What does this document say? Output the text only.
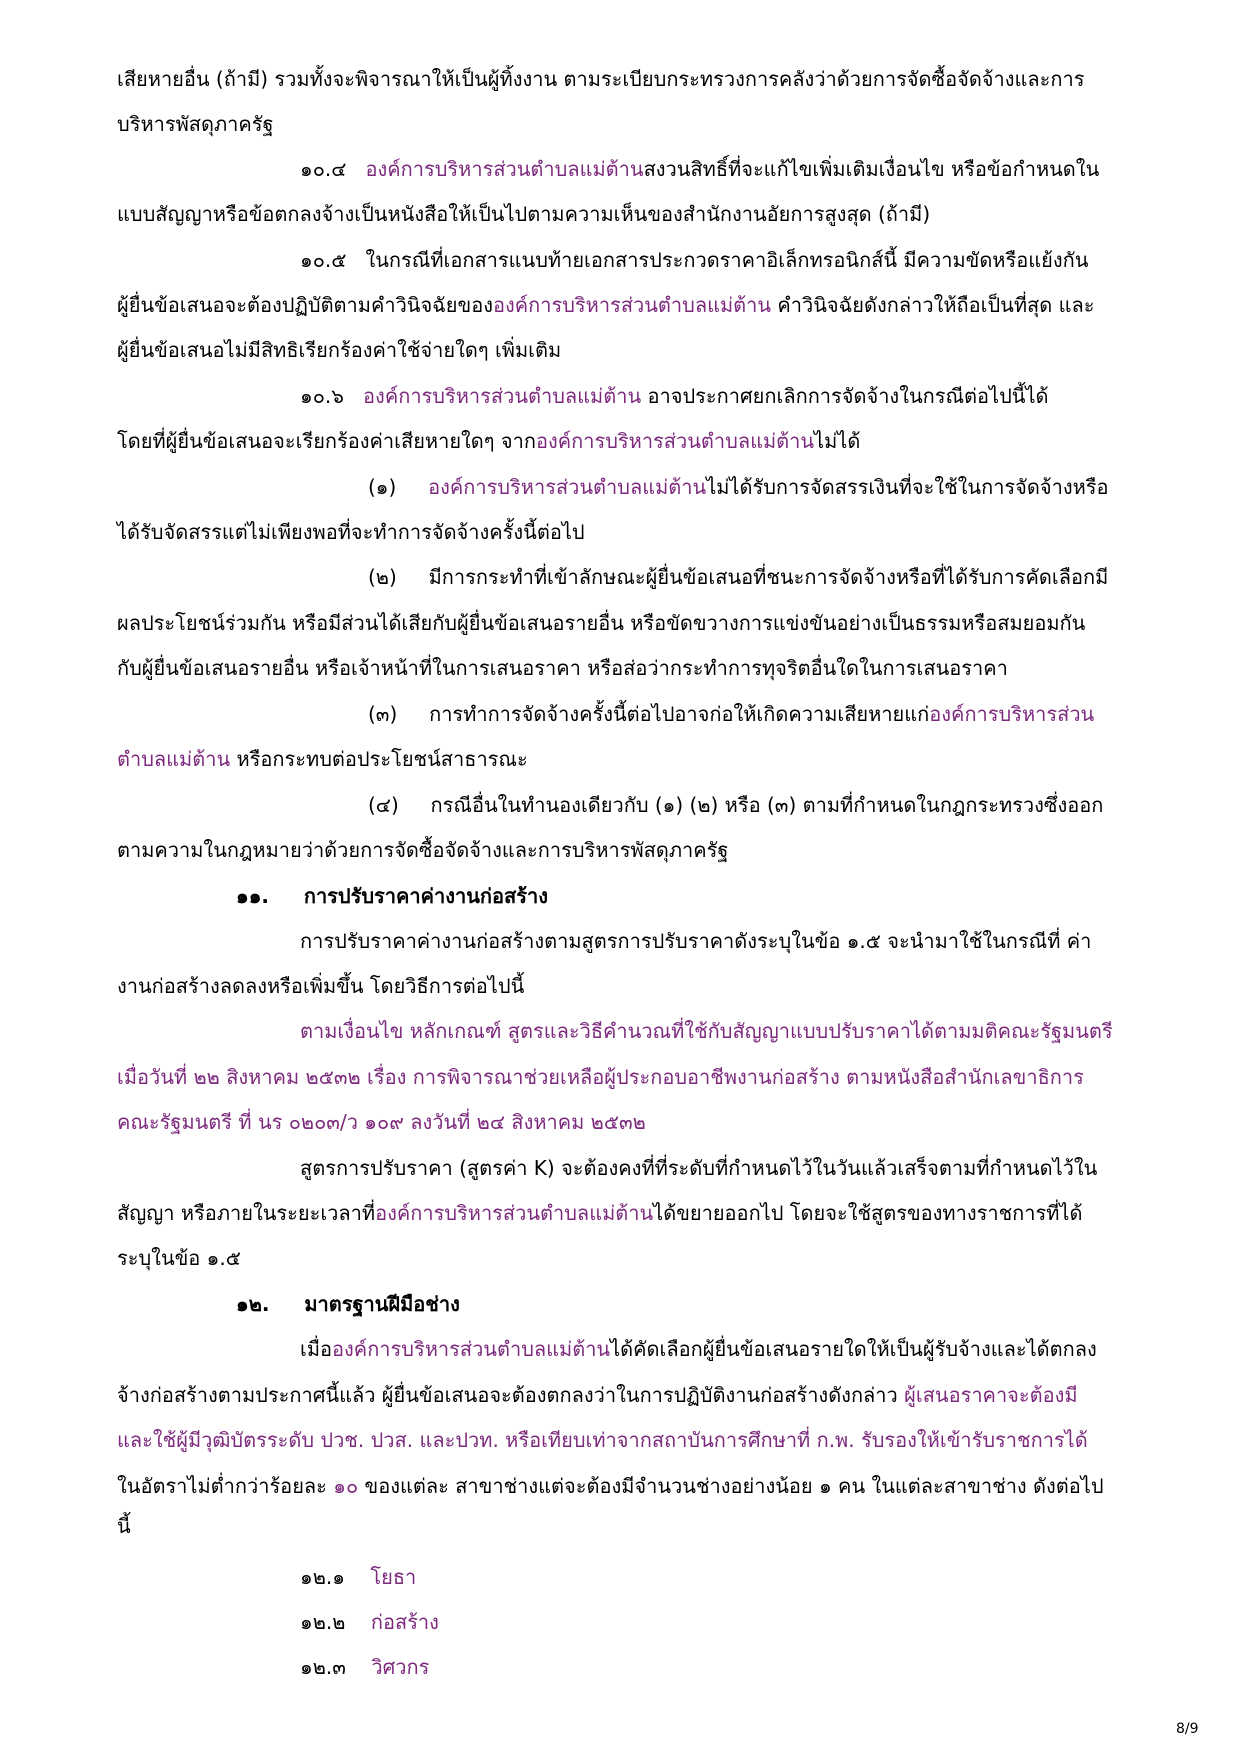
เสียหายอื่น (ถ้ามี) รวมทั้งจะพิจารณาให้เป็นผู้ทิ้งงาน ตามระเบียบกระทรวงการคลังว่าด้วยการจัดซื้อจัดจ้างและการ
บริหารพัสดุภาครัฐ
๑๐.๔ องค์การบริหารส่วนตำบลแม่ต้านสงวนสิทธิ์ที่จะแก้ไขเพิ่มเติมเงื่อนไข หรือข้อกำหนดใน
แบบสัญญาหรือข้อตกลงจ้างเป็นหนังสือให้เป็นไปตามความเห็นของสำนักงานอัยการสูงสุด (ถ้ามี)
๑๐.๕ ในกรณีที่เอกสารแนบท้ายเอกสารประกวดราคาอิเล็กทรอนิกส์นี้ มีความขัดหรือแย้งกัน
ผู้ยื่นข้อเสนอจะต้องปฏิบัติตามคำวินิจฉัยขององค์การบริหารส่วนตำบลแม่ต้าน คำวินิจฉัยดังกล่าวให้ถือเป็นที่สุด และ
ผู้ยื่นข้อเสนอไม่มีสิทธิเรียกร้องค่าใช้จ่ายใดๆ เพิ่มเติม
๑๐.๖ องค์การบริหารส่วนตำบลแม่ต้าน อาจประกาศยกเลิกการจัดจ้างในกรณีต่อไปนี้ได้
โดยที่ผู้ยื่นข้อเสนอจะเรียกร้องค่าเสียหายใดๆ จากองค์การบริหารส่วนตำบลแม่ต้านไม่ได้
(๑) องค์การบริหารส่วนตำบลแม่ต้านไม่ได้รับการจัดสรรเงินที่จะใช้ในการจัดจ้างหรือ
ได้รับจัดสรรแต่ไม่เพียงพอที่จะทำการจัดจ้างครั้งนี้ต่อไป
(๒) มีการกระทำที่เข้าลักษณะผู้ยื่นข้อเสนอที่ชนะการจัดจ้างหรือที่ได้รับการคัดเลือกมี
ผลประโยชน์ร่วมกัน หรือมีส่วนได้เสียกับผู้ยื่นข้อเสนอรายอื่น หรือขัดขวางการแข่งขันอย่างเป็นธรรมหรือสมยอมกัน
กับผู้ยื่นข้อเสนอรายอื่น หรือเจ้าหน้าที่ในการเสนอราคา หรือส่อว่ากระทำการทุจริตอื่นใดในการเสนอราคา
(๓) การทำการจัดจ้างครั้งนี้ต่อไปอาจก่อให้เกิดความเสียหายแก่องค์การบริหารส่วน
ตำบลแม่ต้าน หรือกระทบต่อประโยชน์สาธารณะ
(๔) กรณีอื่นในทำนองเดียวกับ (๑) (๒) หรือ (๓) ตามที่กำหนดในกฎกระทรวงซึ่งออก
ตามความในกฎหมายว่าด้วยการจัดซื้อจัดจ้างและการบริหารพัสดุภาครัฐ
๑๑. การปรับราคาค่างานก่อสร้าง
การปรับราคาค่างานก่อสร้างตามสูตรการปรับราคาดังระบุในข้อ ๑.๕ จะนำมาใช้ในกรณีที่ ค่า
งานก่อสร้างลดลงหรือเพิ่มขึ้น โดยวิธีการต่อไปนี้
ตามเงื่อนไข หลักเกณฑ์ สูตรและวิธีคำนวณที่ใช้กับสัญญาแบบปรับราคาได้ตามมติคณะรัฐมนตรี
เมื่อวันที่ ๒๒ สิงหาคม ๒๕๓๒ เรื่อง การพิจารณาช่วยเหลือผู้ประกอบอาชีพงานก่อสร้าง ตามหนังสือสำนักเลขาธิการ
คณะรัฐมนตรี ที่ นร ๐๒๐๓/ว ๑๐๙ ลงวันที่ ๒๔ สิงหาคม ๒๕๓๒
สูตรการปรับราคา (สูตรค่า K) จะต้องคงที่ที่ระดับที่กำหนดไว้ในวันแล้วเสร็จตามที่กำหนดไว้ใน
สัญญา หรือภายในระยะเวลาที่องค์การบริหารส่วนตำบลแม่ต้านได้ขยายออกไป โดยจะใช้สูตรของทางราชการที่ได้
ระบุในข้อ ๑.๕
๑๒. มาตรฐานฝีมือช่าง
เมื่อองค์การบริหารส่วนตำบลแม่ต้านได้คัดเลือกผู้ยื่นข้อเสนอรายใดให้เป็นผู้รับจ้างและได้ตกลง
จ้างก่อสร้างตามประกาศนี้แล้ว ผู้ยื่นข้อเสนอจะต้องตกลงว่าในการปฏิบัติงานก่อสร้างดังกล่าว ผู้เสนอราคาจะต้องมี
และใช้ผู้มีวุฒิบัตรระดับ ปวช. ปวส. และปวท. หรือเทียบเท่าจากสถาบันการศึกษาที่ ก.พ. รับรองให้เข้ารับราชการได้
ในอัตราไม่ต่ำกว่าร้อยละ ๑๐ ของแต่ละ สาขาช่างแต่จะต้องมีจำนวนช่างอย่างน้อย ๑ คน ในแต่ละสาขาช่าง ดังต่อไป
นี้
๑๒.๑ โยธา
๑๒.๒ ก่อสร้าง
๑๒.๓ วิศวกร
8/9
